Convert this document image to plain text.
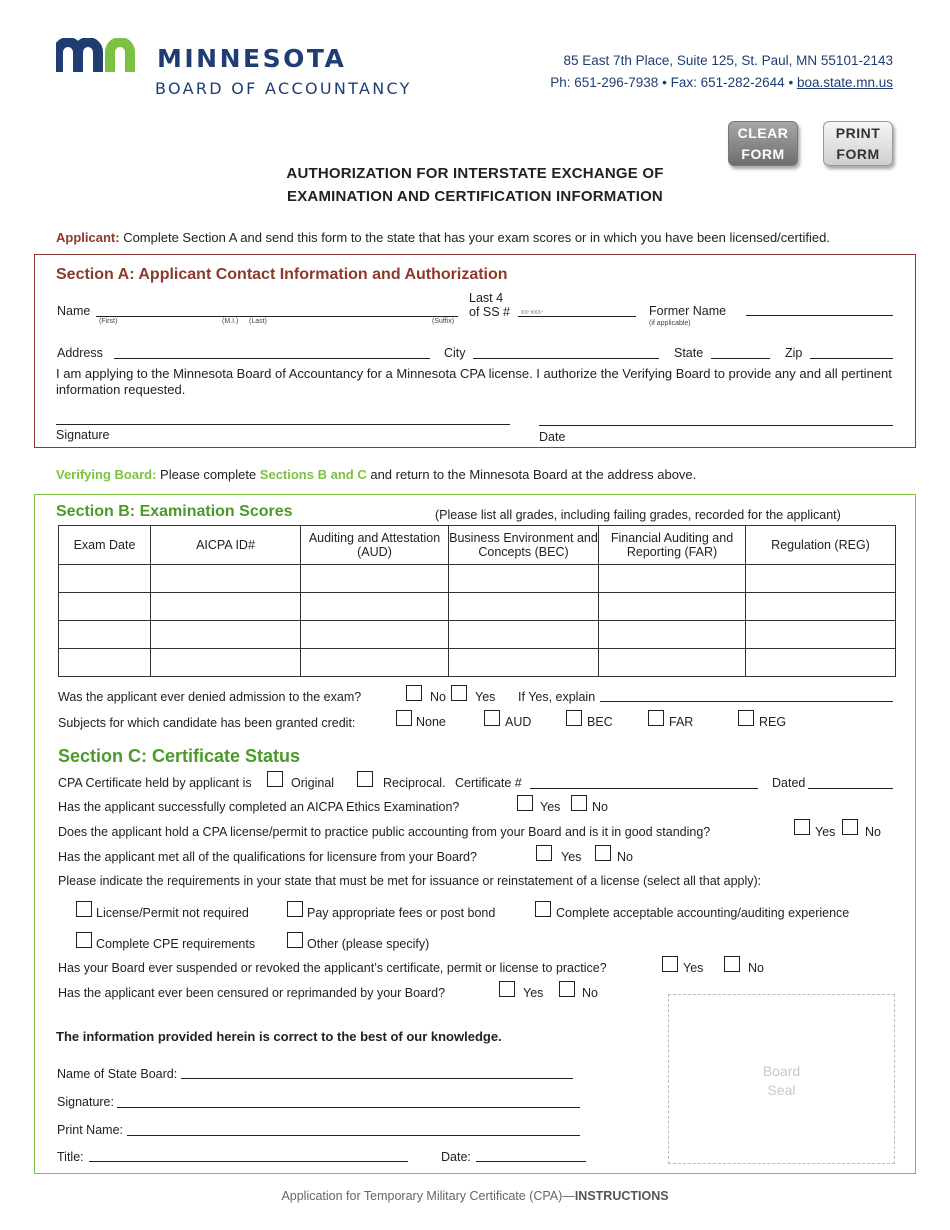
MINNESOTA
BOARD OF ACCOUNTANCY
85 East 7th Place, Suite 125, St. Paul, MN 55101-2143
Ph: 651-296-7938 • Fax: 651-282-2644 • boa.state.mn.us
CLEAR
FORM
PRINT
FORM
AUTHORIZATION FOR INTERSTATE EXCHANGE OF
EXAMINATION AND CERTIFICATION INFORMATION
Applicant: Complete Section A and send this form to the state that has your exam scores or in which you have been licensed/certified.
Section A: Applicant Contact Information and Authorization
Name
(First)	(M.I.) (Last)	(Suffix)
Last 4
of SS # xx-xxx-	Former Name
(if applicable)
Address	City	State	Zip
I am applying to the Minnesota Board of Accountancy for a Minnesota CPA license. I authorize the Verifying Board to provide any and all pertinent information requested.
Signature	Date
Verifying Board: Please complete Sections B and C and return to the Minnesota Board at the address above.
Section B: Examination Scores	(Please list all grades, including failing grades, recorded for the applicant)
Exam Date	AICPA ID#	Auditing and Attestation (AUD)	Business Environment and Concepts (BEC)	Financial Auditing and Reporting (FAR)	Regulation (REG)

Was the applicant ever denied admission to the exam?	No Yes If Yes, explain
Subjects for which candidate has been granted credit:	None	AUD	BEC	FAR	REG
Section C: Certificate Status
CPA Certificate held by applicant is	Original	Reciprocal. Certificate #	Dated
Has the applicant successfully completed an AICPA Ethics Examination?	Yes	No
Does the applicant hold a CPA license/permit to practice public accounting from your Board and is it in good standing?	Yes No
Has the applicant met all of the qualifications for licensure from your Board?	Yes	No
Please indicate the requirements in your state that must be met for issuance or reinstatement of a license (select all that apply):
License/Permit not required	Pay appropriate fees or post bond	Complete acceptable accounting/auditing experience
Complete CPE requirements	Other (please specify)
Has your Board ever suspended or revoked the applicant’s certificate, permit or license to practice?	Yes	No
Has the applicant ever been censured or reprimanded by your Board?	Yes	No
The information provided herein is correct to the best of our knowledge.
Name of State Board:
Signature:
Print Name:
Title:	Date:
Board
Seal
Application for Temporary Military Certificate (CPA)—INSTRUCTIONS
